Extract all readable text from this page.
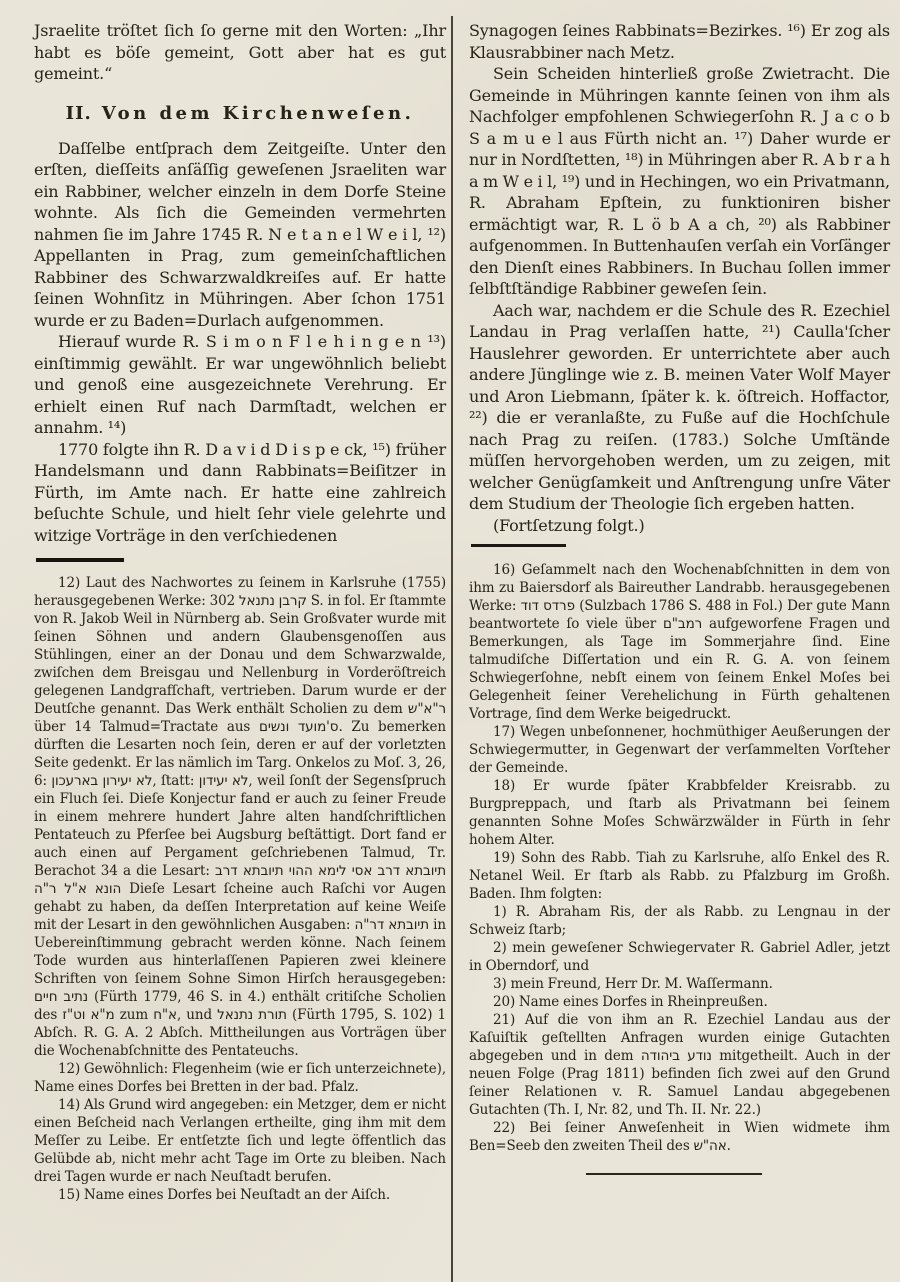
Jsraelite tröſtet ſich ſo gerne mit den Worten: „Ihr habt es böſe gemeint, Gott aber hat es gut gemeint.“

II. Von dem Kirchenweſen.

Daſſelbe entſprach dem Zeitgeiſte. Unter den erſten, dieſſeits anſäſſig geweſenen Jsraeliten war ein Rabbiner, welcher einzeln in dem Dorfe Steine wohnte. Als ſich die Gemeinden vermehrten nahmen ſie im Jahre 1745 R. N e t a n e l W e i l, ¹²) Appellanten in Prag, zum gemeinſchaftlichen Rabbiner des Schwarzwaldkreiſes auf. Er hatte ſeinen Wohnſitz in Mühringen. Aber ſchon 1751 wurde er zu Baden=Durlach aufgenommen.

Hierauf wurde R. S i m o n F l e h i n g e n ¹³) einſtimmig gewählt. Er war ungewöhnlich beliebt und genoß eine ausgezeichnete Verehrung. Er erhielt einen Ruf nach Darmſtadt, welchen er annahm. ¹⁴)

1770 folgte ihn R. D a v i d D i s p e ck, ¹⁵) früher Handelsmann und dann Rabbinats=Beiſitzer in Fürth, im Amte nach. Er hatte eine zahlreich beſuchte Schule, und hielt ſehr viele gelehrte und witzige Vorträge in den verſchiedenen

12) Laut des Nachwortes zu ſeinem in Karlsruhe (1755) herausgegebenen Werke: קרבן נתנאל 302 S. in fol. Er ſtammte von R. Jakob Weil in Nürnberg ab. Sein Großvater wurde mit ſeinen Söhnen und andern Glaubensgenoſſen aus Stühlingen, einer an der Donau und dem Schwarzwalde, zwiſchen dem Breisgau und Nellenburg in Vorderöſtreich gelegenen Landgrafſchaft, vertrieben. Darum wurde er der Deutſche genannt. Das Werk enthält Scholien zu dem ר"א"ש über 14 Talmud=Tractate aus ס'מועד ונשים. Zu bemerken dürften die Lesarten noch ſein, deren er auf der vorletzten Seite gedenkt. Er las nämlich im Targ. Onkelos zu Moſ. 3, 26, 6: לא יעירון בארעכון, ſtatt: לא יעידון, weil ſonſt der Segensſpruch ein Fluch ſei. Dieſe Konjectur fand er auch zu ſeiner Freude in einem mehrere hundert Jahre alten handſchriftlichen Pentateuch zu Pferſee bei Augsburg beſtättigt. Dort fand er auch einen auf Pergament geſchriebenen Talmud, Tr. Berachot 34 a die Lesart: תיובתא דרב אסי לימא ההוי תיובתא דרב הונא א"ל ר"ה Dieſe Lesart ſcheine auch Raſchi vor Augen gehabt zu haben, da deſſen Interpretation auf keine Weiſe mit der Lesart in den gewöhnlichen Ausgaben: תיובתא דר"ה in Uebereinſtimmung gebracht werden könne. Nach ſeinem Tode wurden aus hinterlaſſenen Papieren zwei kleinere Schriften von ſeinem Sohne Simon Hirſch herausgegeben: נתיב חיים (Fürth 1779, 46 S. in 4.) enthält critiſche Scholien des מ"א וט"ז zum א"ח, und תורת נתנאל (Fürth 1795, S. 102) 1 Abſch. R. G. A. 2 Abſch. Mittheilungen aus Vorträgen über die Wochenabſchnitte des Pentateuchs.

12) Gewöhnlich: Flegenheim (wie er ſich unterzeichnete), Name eines Dorfes bei Bretten in der bad. Pfalz.

14) Als Grund wird angegeben: ein Metzger, dem er nicht einen Beſcheid nach Verlangen ertheilte, ging ihm mit dem Meſſer zu Leibe. Er entſetzte ſich und legte öffentlich das Gelübde ab, nicht mehr acht Tage im Orte zu bleiben. Nach drei Tagen wurde er nach Neuſtadt berufen.

15) Name eines Dorfes bei Neuſtadt an der Aiſch.

Synagogen ſeines Rabbinats=Bezirkes. ¹⁶) Er zog als Klausrabbiner nach Metz.

Sein Scheiden hinterließ große Zwietracht. Die Gemeinde in Mühringen kannte ſeinen von ihm als Nachfolger empfohlenen Schwiegerſohn R. J a c o b S a m u e l aus Fürth nicht an. ¹⁷) Daher wurde er nur in Nordſtetten, ¹⁸) in Mühringen aber R. A b r a h a m W e i l, ¹⁹) und in Hechingen, wo ein Privatmann, R. Abraham Epſtein, zu funktioniren bisher ermächtigt war, R. L ö b A a ch, ²⁰) als Rabbiner aufgenommen. In Buttenhauſen verſah ein Vorſänger den Dienſt eines Rabbiners. In Buchau ſollen immer ſelbſtſtändige Rabbiner geweſen ſein.

Aach war, nachdem er die Schule des R. Ezechiel Landau in Prag verlaſſen hatte, ²¹) Caulla'ſcher Hauslehrer geworden. Er unterrichtete aber auch andere Jünglinge wie z. B. meinen Vater Wolf Mayer und Aron Liebmann, ſpäter k. k. öſtreich. Hoffactor, ²²) die er veranlaßte, zu Fuße auf die Hochſchule nach Prag zu reiſen. (1783.) Solche Umſtände müſſen hervorgehoben werden, um zu zeigen, mit welcher Genügſamkeit und Anſtrengung unſre Väter dem Studium der Theologie ſich ergeben hatten.

(Fortſetzung folgt.)

16) Geſammelt nach den Wochenabſchnitten in dem von ihm zu Baiersdorf als Baireuther Landrabb. herausgegebenen Werke: פרדס דוד (Sulzbach 1786 S. 488 in Fol.) Der gute Mann beantwortete ſo viele über רמב"ם aufgeworfene Fragen und Bemerkungen, als Tage im Sommerjahre ſind. Eine talmudiſche Diſſertation und ein R. G. A. von ſeinem Schwiegerſohne, nebſt einem von ſeinem Enkel Moſes bei Gelegenheit ſeiner Verehelichung in Fürth gehaltenen Vortrage, ſind dem Werke beigedruckt.

17) Wegen unbeſonnener, hochmüthiger Aeußerungen der Schwiegermutter, in Gegenwart der verſammelten Vorſteher der Gemeinde.

18) Er wurde ſpäter Krabbfelder Kreisrabb. zu Burgpreppach, und ſtarb als Privatmann bei ſeinem genannten Sohne Moſes Schwärzwälder in Fürth in ſehr hohem Alter.

19) Sohn des Rabb. Tiah zu Karlsruhe, alſo Enkel des R. Netanel Weil. Er ſtarb als Rabb. zu Pfalzburg im Großh. Baden. Ihm folgten:

1) R. Abraham Ris, der als Rabb. zu Lengnau in der Schweiz ſtarb;

2) mein geweſener Schwiegervater R. Gabriel Adler, jetzt in Oberndorf, und

3) mein Freund, Herr Dr. M. Waſſermann.

20) Name eines Dorfes in Rheinpreußen.

21) Auf die von ihm an R. Ezechiel Landau aus der Kaſuiſtik geſtellten Anfragen wurden einige Gutachten abgegeben und in dem נודע ביהודה mitgetheilt. Auch in der neuen Folge (Prag 1811) befinden ſich zwei auf den Grund ſeiner Relationen v. R. Samuel Landau abgegebenen Gutachten (Th. I, Nr. 82, und Th. II. Nr. 22.)

22) Bei ſeiner Anweſenheit in Wien widmete ihm Ben=Seeb den zweiten Theil des אה"ש.
